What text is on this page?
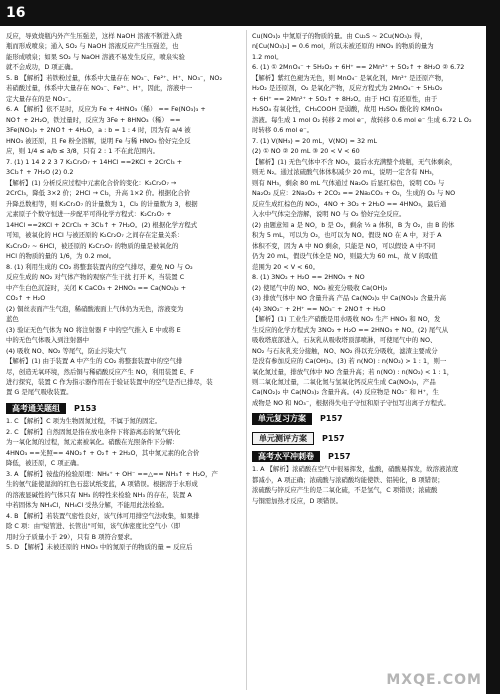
16
反应，导致烧瓶内外产生压强差，这样 NaOH 溶液不断进入烧
瓶而形成喷泉；通入 SO₂ 与 NaOH 溶液反应产生压强差，也
能形成喷泉；如果 SO₂ 与 NaOH 溶液不易发生反应，喷泉实验
就不会成功，D 项正确。
5. B 【解析】若铁粉过量，体系中大量存在 NO₃⁻、Fe²⁺、H⁺、NO₃⁻，NO₂
若硝酸过量，体系中大量存在 NO₃⁻、Fe³⁺、H⁺，因此，溶液中一
定大量存在的是 NO₃⁻。
6. A 【解析】依不足时，反应为 Fe + 4HNO₃（稀） == Fe(NO₃)₃ +
NO↑ + 2H₂O，铁过量时，反应为 3Fe + 8HNO₃（稀） ==
3Fe(NO₃)₂ + 2NO↑ + 4H₂O，a : b = 1 : 4 时，因为有 a/4 被
HNO₃ 被还原，且 Fe 粉全溶解，说明 Fe 与稀 HNO₃ 恰好完全反
应，则 1/4 ≤ a/b ≤ 3/8，只有 2 : 1 不在此范围内。
7. (1) 1 14 2 2 3 7 K₂Cr₂O₇ + 14HCl ==2KCl + 2CrCl₃ +
3Cl₂↑ + 7H₂O (2) 0.2
【解析】(1) 分析反应过程中元素化合价的变化：K₂Cr₂O₇ →
2CrCl₃，降低 3×2 价；2HCl → Cl₂，升高 1×2 价。根据化合价
升降总数相等，则 K₂Cr₂O₇ 的计量数为 1，Cl₂ 的计量数为 3，根据
元素原子个数守恒进一步配平可得化学方程式：K₂Cr₂O₇ +
14HCl ==2KCl + 2CrCl₃ + 3Cl₂↑ + 7H₂O。(2) 根据化学方程式
可知，被氧化的 HCl 与被还原的 K₂Cr₂O₇ 之间存在定量关系：
K₂Cr₂O₇ ~ 6HCl，被还原的 K₂Cr₂O₇ 的物质的量是被氧化的
HCl 的物质的量的 1/6，为 0.2 mol。
8. (1) 利用生成的 CO₂ 将整套装置内的空气排尽，避免 NO 与 O₂
反应生成的 NO₂ 对气体产物的观察产生干扰 打开 K，当装置 C
中产生白色沉淀时，关闭 K CaCO₃ + 2HNO₃ == Ca(NO₃)₂ +
CO₂↑ + H₂O
(2) 铜丝表面产生气泡，稀硝酸液面上气体仍为无色，溶液变为
蓝色
(3) 验证无色气体为 NO 将注射器 F 中的空气推入 E 中或将 E
中的无色气体吸入到注射器中
(4) 吸收 NO、NO₂ 等尾气，防止污染大气
【解析】(1) 由于装置 A 中产生的 CO₂ 将整套装置中的空气排
尽，创造无氧环境，然后铜与稀硝酸反应产生 NO，利用装置 E、F
进行探究，装置 C 作为指示器作用在于验证装置中的空气是否已排尽，装
置 G 是尾气吸收装置。
高考通关题组 P153
1. C 【解析】C 项为生物固氮过程，不属于氮的固定。
2. C 【解析】自然固氮是指在放电条件下将游离态的氮气转化
为一氧化氮的过程，氮元素被氧化。硝酸在光照条件下分解：
4HNO₃ ==光照== 4NO₂↑ + O₂↑ + 2H₂O，其中氮元素的化合价
降低，被还原，C 项正确。
3. A 【解析】铵盐的检验原理：NH₄⁺ + OH⁻ ==△== NH₃↑ + H₂O，产
生的氨气能使湿润的红色石蕊试纸变蓝，A 项错误。根据溶于水形成
的溶液显碱性的气体只有 NH₃ 的特性来检验 NH₃ 的存在，装置 A
中若固体为 NH₄Cl，NH₄Cl 受热分解，不能用此法检验。
4. B 【解析】若装置气密性良好，该气体可用排空气法收集，如果排
除 C 项：由"短管进、长管出"可知，该气体密度比空气小（即
用时分子质量小于 29），只有 B 项符合要求。
5. D 【解析】未被还原的 HNO₃ 中的氮原子的物质的量 = 反应后
Cu(NO₃)₂ 中氮原子的物质的量。由 Cu₂S ~ 2Cu(NO₃)₂ 得，
n[Cu(NO₃)₂] = 0.6 mol，所以未被还原的 HNO₃ 的物质的量为
1.2 mol。
6. (1) ① 2MnO₄⁻ + 5H₂O₂ + 6H⁺ == 2Mn²⁺ + 5O₂↑ + 8H₂O ② 6.72
【解析】紫红色褪为无色，则 MnO₄⁻ 是氧化剂，Mn²⁺ 是还原产物，
H₂O₂ 是还原剂，O₂ 是氧化产物，反应方程式为 2MnO₄⁻ + 5H₂O₂
+ 6H⁺ == 2Mn²⁺ + 5O₂↑ + 8H₂O。由于 HCl 有还原性，由于
H₂SO₄ 有氧化性，CH₃COOH 是弱酸，故用 H₂SO₄ 酸化的 KMnO₄
溶液。每生成 1 mol O₂ 转移 2 mol e⁻，故转移 0.6 mol e⁻ 生成 6.72 L O₂
时转移 0.6 mol e⁻。
7. (1) V(NH₃) = 20 mL，V(NO) = 32 mL
(2) ① NO ② 20 mL ③ 20 < V < 60
【解析】(1) 无色气体中不含 NO₂，最后水充满整个烧瓶，无气体剩余，
则无 N₂。通过浓硫酸气体体积减少 20 mL，说明一定含有 NH₃，
则有 NH₃，剩余 80 mL 气体通过 Na₂O₂ 后显红棕色，说明 CO₂ 与
Na₂O₂ 反应：2Na₂O₂ + 2CO₂ == 2Na₂CO₃ + O₂，生成的 O₂ 与 NO
反应生成红棕色的 NO₂，4NO + 3O₂ + 2H₂O == 4HNO₃，最后通
入水中气体完全溶解，说明 NO 与 O₂ 恰好完全反应。
(2) 由题意知 a 是 NO，b 是 O₂，剩余 ½ a 体积，B 为 O₂，由 B 的体
积为 5 mL，可以为 O₂，也可以为 NO。假设 NO 在 A 中，对于 A
体积不变，因为 A 中 NO 剩余，只能是 NO，可以假设 A 中不同
仍为 20 mL，假设气体全是 NO，则最大为 60 mL，故 V 的取值
范围为 20 < V < 60。
8. (1) 3NO₂ + H₂O == 2HNO₃ + NO
(2) 使尾气中的 NO、NO₂ 被充分吸收 Ca(OH)₂
(3) 排放气体中 NO 含量升高 产品 Ca(NO₂)₂ 中 Ca(NO₃)₂ 含量升高
(4) 3NO₂⁻ + 2H⁺ == NO₃⁻ + 2NO↑ + H₂O
【解析】(1) 工业生产硝酸是用水吸收 NO₂ 生产 HNO₃ 和 NO，发
生反应的化学方程式为 3NO₂ + H₂O == 2HNO₃ + NO。(2) 尾气从
吸收塔底部进入，石灰乳从吸收塔顶部喷淋，可使尾气中的 NO、
NO₂ 与石灰乳充分接触，NO、NO₂ 得以充分吸收，滤渣主要成分
是没有参加反应的 Ca(OH)₂。(3) 若 n(NO) : n(NO₂) > 1 : 1，则一
氧化氮过量，排放气体中 NO 含量升高；若 n(NO) : n(NO₂) < 1 : 1，
则二氧化氮过量，二氧化氮与氢氧化钙反应生成 Ca(NO₃)₂，产品
Ca(NO₂)₂ 中 Ca(NO₃)₂ 含量升高。(4) 反应物是 NO₂⁻ 和 H⁺，生
成物是 NO 和 NO₃⁻，根据得失电子守恒和原子守恒写出离子方程式。
单元复习方案 P157
单元测评方案 P157
高考水平冲刺卷 P157
1. A 【解析】浓硝酸在空气中很易挥发，盐酸，硝酸易挥发，故溶液浓度
都减小，A 项正确；浓硫酸与浓硝酸均能使铁、铝钝化，B 项错误；
浓硫酸与锌反应产生的是二氧化硫，不是氢气，C 项错误；浓硫酸
与铜需加热才反应，D 项错误。
MXQE.COM
